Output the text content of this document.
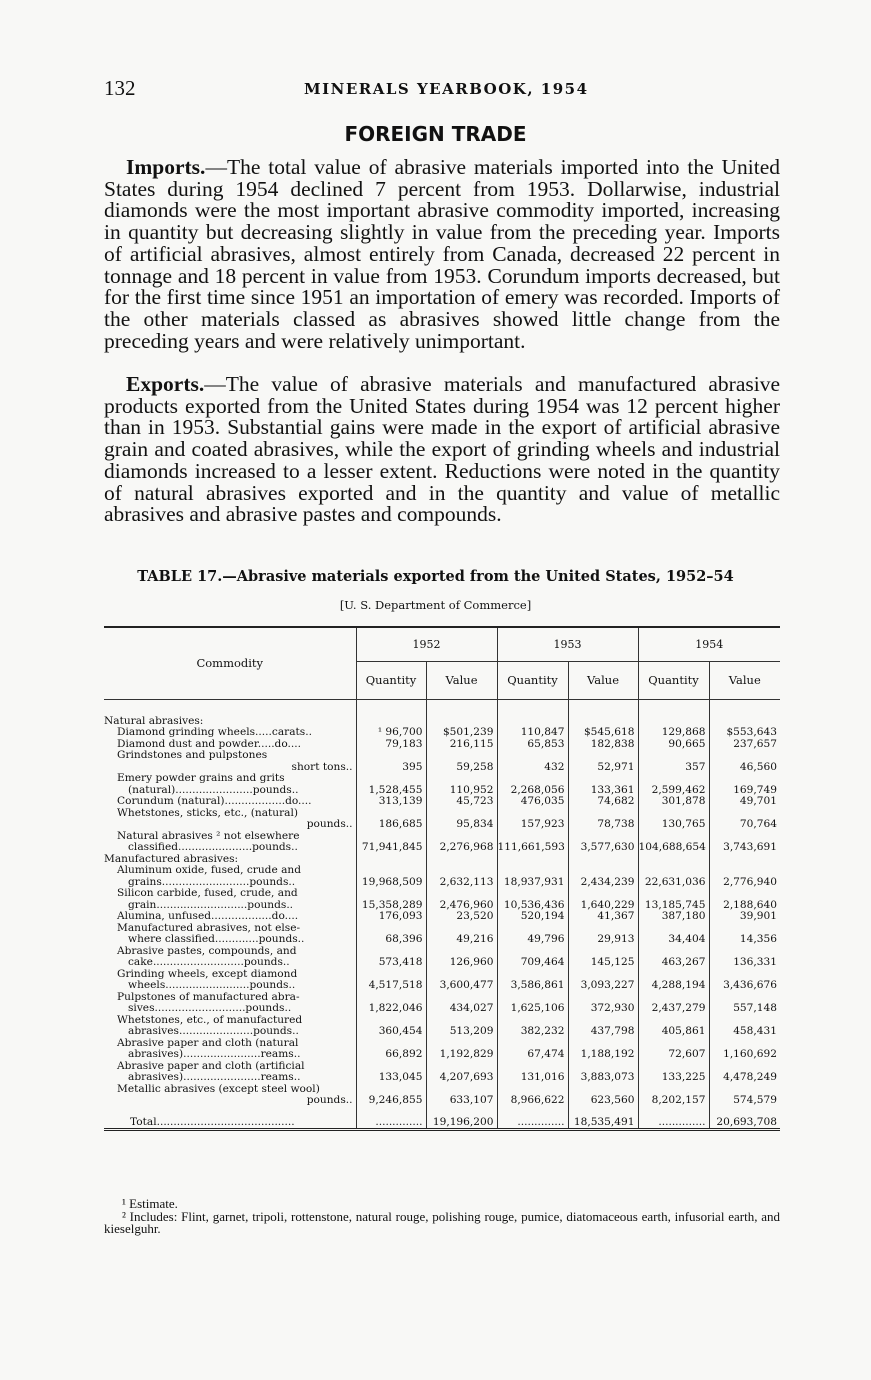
132	MINERALS YEARBOOK, 1954
FOREIGN TRADE

Imports.—The total value of abrasive materials imported into the United States during 1954 declined 7 percent from 1953. Dollarwise, industrial diamonds were the most important abrasive commodity imported, increasing in quantity but decreasing slightly in value from the preceding year. Imports of artificial abrasives, almost entirely from Canada, decreased 22 percent in tonnage and 18 percent in value from 1953. Corundum imports decreased, but for the first time since 1951 an importation of emery was recorded. Imports of the other materials classed as abrasives showed little change from the preceding years and were relatively unimportant.

Exports.—The value of abrasive materials and manufactured abrasive products exported from the United States during 1954 was 12 percent higher than in 1953. Substantial gains were made in the export of artificial abrasive grain and coated abrasives, while the export of grinding wheels and industrial diamonds increased to a lesser extent. Reductions were noted in the quantity of natural abrasives exported and in the quantity and value of metallic abrasives and abrasive pastes and compounds.

TABLE 17.—Abrasive materials exported from the United States, 1952–54
[U. S. Department of Commerce]
Commodity	1952		1953		1954	
	Quantity	Value	Quantity	Value	Quantity	Value

Natural abrasives:						

Diamond grinding wheels.....carats..	¹ 96,700	$501,239	110,847	$545,618	129,868	$553,643

Diamond dust and powder.....do....	79,183	216,115	65,853	182,838	90,665	237,657

Grindstones and pulpstones
short tons..	395	59,258	432	52,971	357	46,560

Emery powder grains and grits
(natural).......................pounds..	1,528,455	110,952	2,268,056	133,361	2,599,462	169,749

Corundum (natural)..................do....	313,139	45,723	476,035	74,682	301,878	49,701

Whetstones, sticks, etc., (natural)
pounds..	186,685	95,834	157,923	78,738	130,765	70,764

Natural abrasives ² not elsewhere
classified......................pounds..	71,941,845	2,276,968	111,661,593	3,577,630	104,688,654	3,743,691

Manufactured abrasives:						

Aluminum oxide, fused, crude and
grains..........................pounds..	19,968,509	2,632,113	18,937,931	2,434,239	22,631,036	2,776,940

Silicon carbide, fused, crude, and
grain...........................pounds..	15,358,289	2,476,960	10,536,436	1,640,229	13,185,745	2,188,640

Alumina, unfused..................do....	176,093	23,520	520,194	41,367	387,180	39,901

Manufactured abrasives, not else-
where classified.............pounds..	68,396	49,216	49,796	29,913	34,404	14,356

Abrasive pastes, compounds, and
cake...........................pounds..	573,418	126,960	709,464	145,125	463,267	136,331

Grinding wheels, except diamond
wheels.........................pounds..	4,517,518	3,600,477	3,586,861	3,093,227	4,288,194	3,436,676

Pulpstones of manufactured abra-
sives...........................pounds..	1,822,046	434,027	1,625,106	372,930	2,437,279	557,148

Whetstones, etc., of manufactured
abrasives......................pounds..	360,454	513,209	382,232	437,798	405,861	458,431

Abrasive paper and cloth (natural
abrasives).......................reams..	66,892	1,192,829	67,474	1,188,192	72,607	1,160,692

Abrasive paper and cloth (artificial
abrasives).......................reams..	133,045	4,207,693	131,016	3,883,073	133,225	4,478,249

Metallic abrasives (except steel wool)
pounds..	9,246,855	633,107	8,966,622	623,560	8,202,157	574,579
Total.........................................	..............	19,196,200	..............	18,535,491	..............	20,693,708

¹ Estimate.

² Includes: Flint, garnet, tripoli, rottenstone, natural rouge, polishing rouge, pumice, diatomaceous earth, infusorial earth, and kieselguhr.
